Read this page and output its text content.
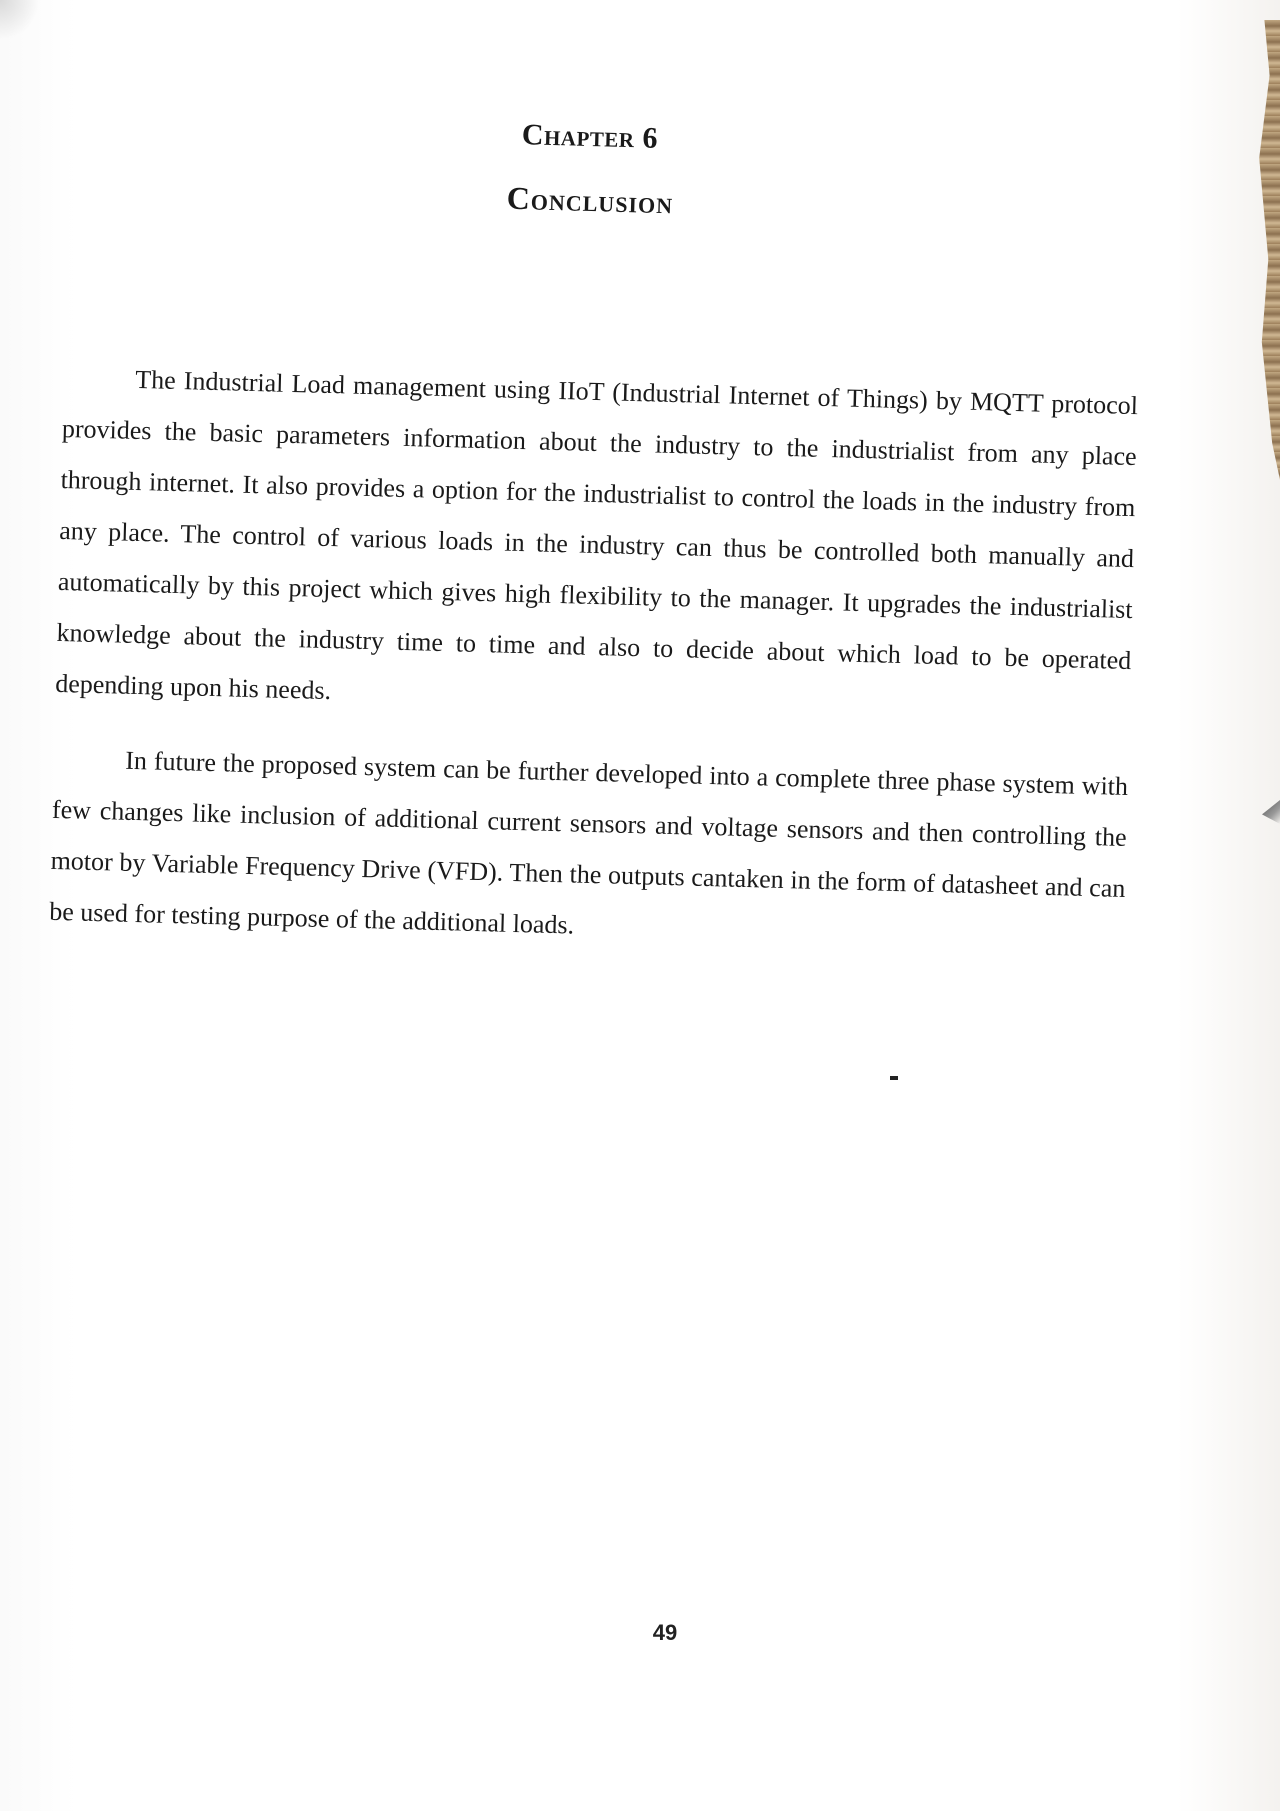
Chapter 6
Conclusion

The Industrial Load management using IIoT (Industrial Internet of Things) by MQTT protocol provides the basic parameters information about the industry to the industrialist from any place through internet. It also provides a option for the industrialist to control the loads in the industry from any place. The control of various loads in the industry can thus be controlled both manually and automatically by this project which gives high flexibility to the manager. It upgrades the industrialist knowledge about the industry time to time and also to decide about which load to be operated depending upon his needs.

In future the proposed system can be further developed into a complete three phase system with few changes like inclusion of additional current sensors and voltage sensors and then controlling the motor by Variable Frequency Drive (VFD). Then the outputs cantaken in the form of datasheet and can be used for testing purpose of the additional loads.

49
